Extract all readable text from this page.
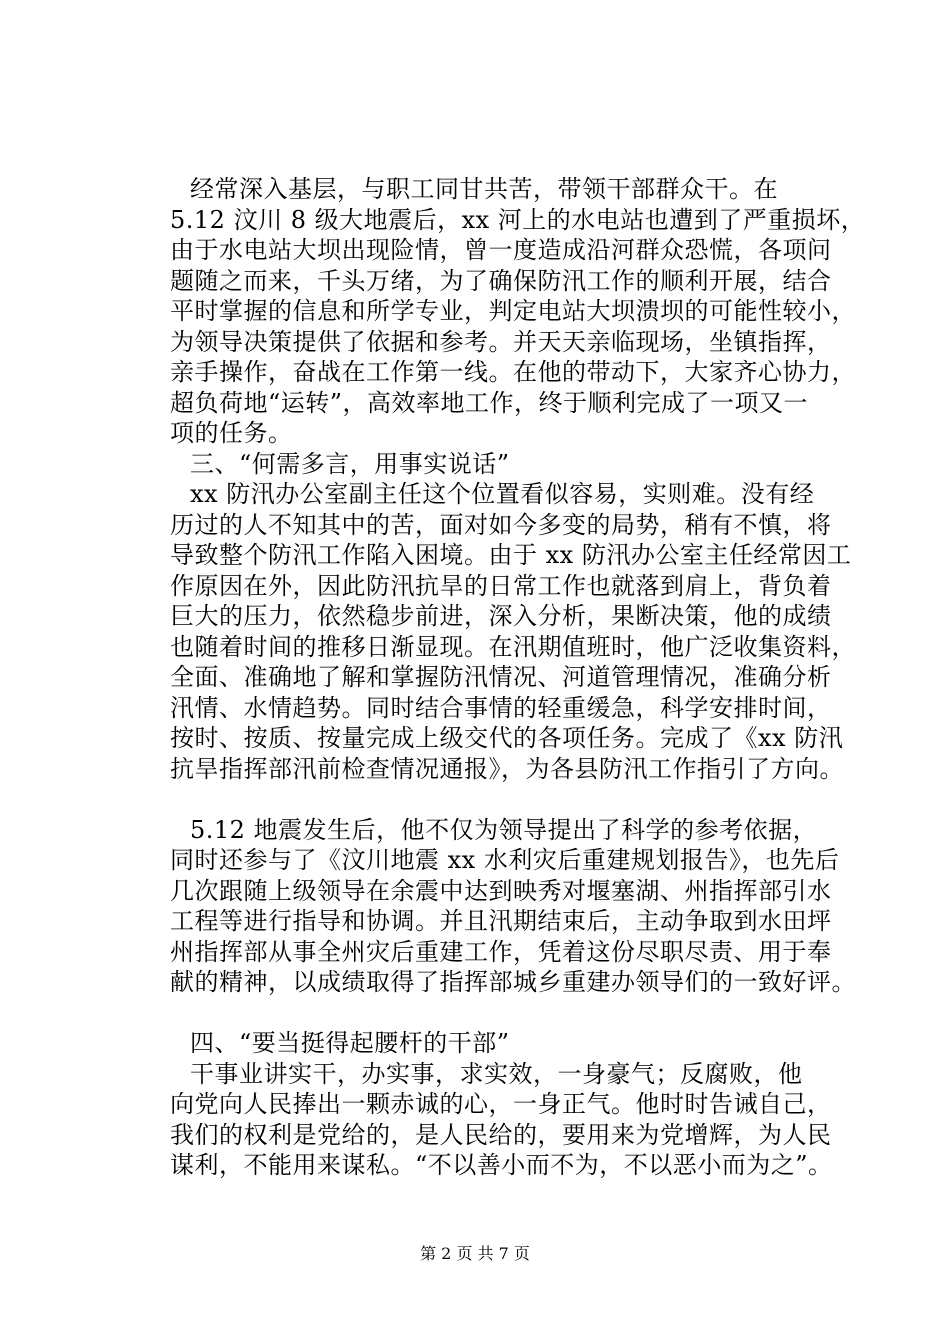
经常深入基层，与职工同甘共苦，带领干部群众干。在
5.12 汶川 8 级大地震后，xx 河上的水电站也遭到了严重损坏，
由于水电站大坝出现险情，曾一度造成沿河群众恐慌，各项问
题随之而来，千头万绪，为了确保防汛工作的顺利开展，结合
平时掌握的信息和所学专业，判定电站大坝溃坝的可能性较小，
为领导决策提供了依据和参考。并天天亲临现场，坐镇指挥，
亲手操作，奋战在工作第一线。在他的带动下，大家齐心协力，
超负荷地“运转”，高效率地工作，终于顺利完成了一项又一
项的任务。
三、“何需多言，用事实说话”
xx 防汛办公室副主任这个位置看似容易，实则难。没有经
历过的人不知其中的苦，面对如今多变的局势，稍有不慎，将
导致整个防汛工作陷入困境。由于 xx 防汛办公室主任经常因工
作原因在外，因此防汛抗旱的日常工作也就落到肩上，背负着
巨大的压力，依然稳步前进，深入分析，果断决策，他的成绩
也随着时间的推移日渐显现。在汛期值班时，他广泛收集资料，
全面、准确地了解和掌握防汛情况、河道管理情况，准确分析
汛情、水情趋势。同时结合事情的轻重缓急，科学安排时间，
按时、按质、按量完成上级交代的各项任务。完成了《xx 防汛
抗旱指挥部汛前检查情况通报》，为各县防汛工作指引了方向。
5.12 地震发生后，他不仅为领导提出了科学的参考依据，
同时还参与了《汶川地震 xx 水利灾后重建规划报告》，也先后
几次跟随上级领导在余震中达到映秀对堰塞湖、州指挥部引水
工程等进行指导和协调。并且汛期结束后，主动争取到水田坪
州指挥部从事全州灾后重建工作，凭着这份尽职尽责、用于奉
献的精神，以成绩取得了指挥部城乡重建办领导们的一致好评。
四、“要当挺得起腰杆的干部”
干事业讲实干，办实事，求实效，一身豪气；反腐败，他
向党向人民捧出一颗赤诚的心，一身正气。他时时告诫自己，
我们的权利是党给的，是人民给的，要用来为党增辉，为人民
谋利，不能用来谋私。“不以善小而不为，不以恶小而为之”。
第 2 页 共 7 页
